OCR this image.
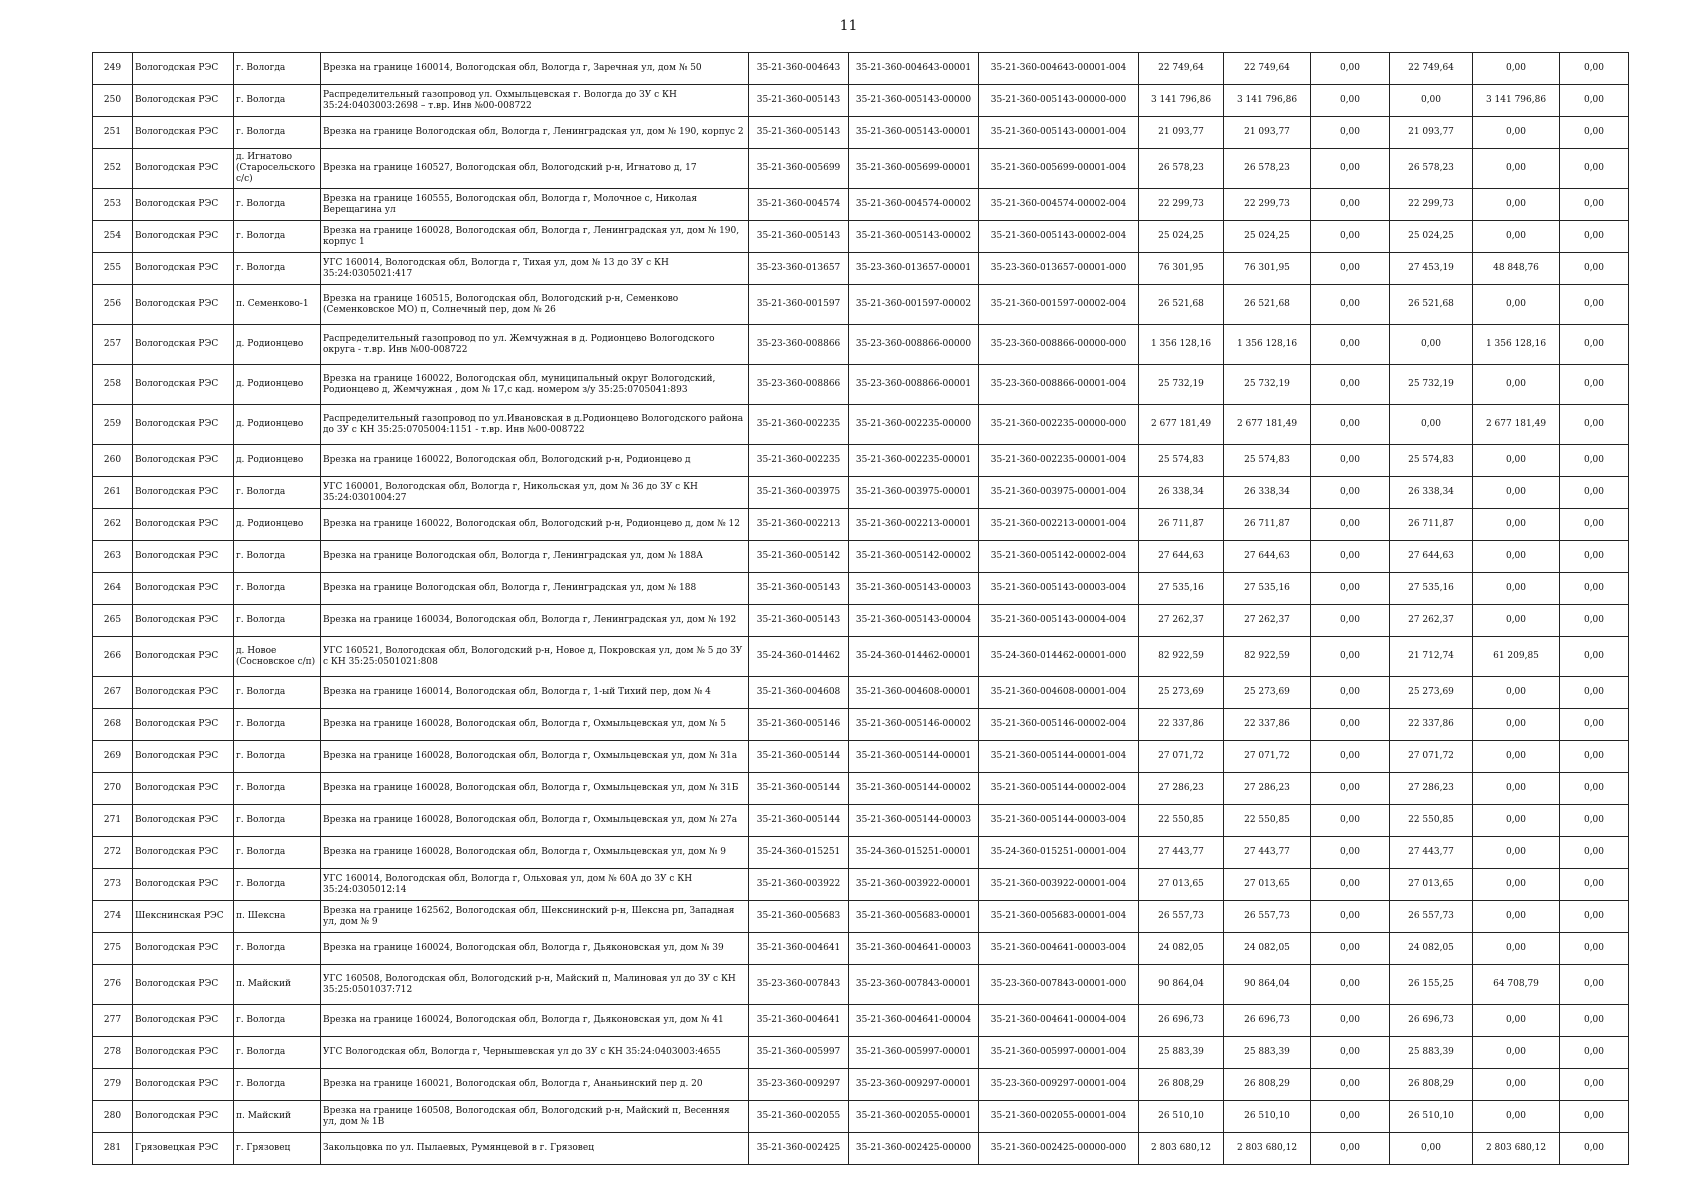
11
249	Вологодская РЭС	г. Вологда	Врезка на границе 160014, Вологодская обл, Вологда г, Заречная ул, дом № 50	35-21-360-004643	35-21-360-004643-00001	35-21-360-004643-00001-004	22 749,64	22 749,64	0,00	22 749,64	0,00	0,00
250	Вологодская РЭС	г. Вологда	Распределительный газопровод ул. Охмыльцевская г. Вологда до ЗУ с КН 35:24:0403003:2698 – т.вр. Инв №00-008722	35-21-360-005143	35-21-360-005143-00000	35-21-360-005143-00000-000	3 141 796,86	3 141 796,86	0,00	0,00	3 141 796,86	0,00
251	Вологодская РЭС	г. Вологда	Врезка на границе Вологодская обл, Вологда г, Ленинградская ул, дом № 190, корпус 2	35-21-360-005143	35-21-360-005143-00001	35-21-360-005143-00001-004	21 093,77	21 093,77	0,00	21 093,77	0,00	0,00
252	Вологодская РЭС	д. Игнатово (Старосельского с/с)	Врезка на границе 160527, Вологодская обл, Вологодский р-н, Игнатово д, 17	35-21-360-005699	35-21-360-005699-00001	35-21-360-005699-00001-004	26 578,23	26 578,23	0,00	26 578,23	0,00	0,00
253	Вологодская РЭС	г. Вологда	Врезка на границе 160555, Вологодская обл, Вологда г, Молочное с, Николая Верещагина ул	35-21-360-004574	35-21-360-004574-00002	35-21-360-004574-00002-004	22 299,73	22 299,73	0,00	22 299,73	0,00	0,00
254	Вологодская РЭС	г. Вологда	Врезка на границе 160028, Вологодская обл, Вологда г, Ленинградская ул, дом № 190, корпус 1	35-21-360-005143	35-21-360-005143-00002	35-21-360-005143-00002-004	25 024,25	25 024,25	0,00	25 024,25	0,00	0,00
255	Вологодская РЭС	г. Вологда	УГС 160014, Вологодская обл, Вологда г, Тихая ул, дом № 13 до ЗУ с КН 35:24:0305021:417	35-23-360-013657	35-23-360-013657-00001	35-23-360-013657-00001-000	76 301,95	76 301,95	0,00	27 453,19	48 848,76	0,00
256	Вологодская РЭС	п. Семенково-1	Врезка на границе 160515, Вологодская обл, Вологодский р-н, Семенково (Семенковское МО) п, Солнечный пер, дом № 26	35-21-360-001597	35-21-360-001597-00002	35-21-360-001597-00002-004	26 521,68	26 521,68	0,00	26 521,68	0,00	0,00
257	Вологодская РЭС	д. Родионцево	Распределительный газопровод по ул. Жемчужная в д. Родионцево Вологодского округа - т.вр. Инв №00-008722	35-23-360-008866	35-23-360-008866-00000	35-23-360-008866-00000-000	1 356 128,16	1 356 128,16	0,00	0,00	1 356 128,16	0,00
258	Вологодская РЭС	д. Родионцево	Врезка на границе 160022, Вологодская обл, муниципальный округ Вологодский, Родионцево д, Жемчужная , дом № 17,с кад. номером з/у 35:25:0705041:893	35-23-360-008866	35-23-360-008866-00001	35-23-360-008866-00001-004	25 732,19	25 732,19	0,00	25 732,19	0,00	0,00
259	Вологодская РЭС	д. Родионцево	Распределительный газопровод по ул.Ивановская в д.Родионцево Вологодского района до ЗУ с КН 35:25:0705004:1151 - т.вр. Инв №00-008722	35-21-360-002235	35-21-360-002235-00000	35-21-360-002235-00000-000	2 677 181,49	2 677 181,49	0,00	0,00	2 677 181,49	0,00
260	Вологодская РЭС	д. Родионцево	Врезка на границе 160022, Вологодская обл, Вологодский р-н, Родионцево д	35-21-360-002235	35-21-360-002235-00001	35-21-360-002235-00001-004	25 574,83	25 574,83	0,00	25 574,83	0,00	0,00
261	Вологодская РЭС	г. Вологда	УГС 160001, Вологодская обл, Вологда г, Никольская ул, дом № 36 до ЗУ с КН 35:24:0301004:27	35-21-360-003975	35-21-360-003975-00001	35-21-360-003975-00001-004	26 338,34	26 338,34	0,00	26 338,34	0,00	0,00
262	Вологодская РЭС	д. Родионцево	Врезка на границе 160022, Вологодская обл, Вологодский р-н, Родионцево д, дом № 12	35-21-360-002213	35-21-360-002213-00001	35-21-360-002213-00001-004	26 711,87	26 711,87	0,00	26 711,87	0,00	0,00
263	Вологодская РЭС	г. Вологда	Врезка на границе Вологодская обл, Вологда г, Ленинградская ул, дом № 188А	35-21-360-005142	35-21-360-005142-00002	35-21-360-005142-00002-004	27 644,63	27 644,63	0,00	27 644,63	0,00	0,00
264	Вологодская РЭС	г. Вологда	Врезка на границе Вологодская обл, Вологда г, Ленинградская ул, дом № 188	35-21-360-005143	35-21-360-005143-00003	35-21-360-005143-00003-004	27 535,16	27 535,16	0,00	27 535,16	0,00	0,00
265	Вологодская РЭС	г. Вологда	Врезка на границе 160034, Вологодская обл, Вологда г, Ленинградская ул, дом № 192	35-21-360-005143	35-21-360-005143-00004	35-21-360-005143-00004-004	27 262,37	27 262,37	0,00	27 262,37	0,00	0,00
266	Вологодская РЭС	д. Новое (Сосновское с/п)	УГС 160521, Вологодская обл, Вологодский р-н, Новое д, Покровская ул, дом № 5 до ЗУ с КН 35:25:0501021:808	35-24-360-014462	35-24-360-014462-00001	35-24-360-014462-00001-000	82 922,59	82 922,59	0,00	21 712,74	61 209,85	0,00
267	Вологодская РЭС	г. Вологда	Врезка на границе 160014, Вологодская обл, Вологда г, 1-ый Тихий пер, дом № 4	35-21-360-004608	35-21-360-004608-00001	35-21-360-004608-00001-004	25 273,69	25 273,69	0,00	25 273,69	0,00	0,00
268	Вологодская РЭС	г. Вологда	Врезка на границе 160028, Вологодская обл, Вологда г, Охмыльцевская ул, дом № 5	35-21-360-005146	35-21-360-005146-00002	35-21-360-005146-00002-004	22 337,86	22 337,86	0,00	22 337,86	0,00	0,00
269	Вологодская РЭС	г. Вологда	Врезка на границе 160028, Вологодская обл, Вологда г, Охмыльцевская ул, дом № 31а	35-21-360-005144	35-21-360-005144-00001	35-21-360-005144-00001-004	27 071,72	27 071,72	0,00	27 071,72	0,00	0,00
270	Вологодская РЭС	г. Вологда	Врезка на границе 160028, Вологодская обл, Вологда г, Охмыльцевская ул, дом № 31Б	35-21-360-005144	35-21-360-005144-00002	35-21-360-005144-00002-004	27 286,23	27 286,23	0,00	27 286,23	0,00	0,00
271	Вологодская РЭС	г. Вологда	Врезка на границе 160028, Вологодская обл, Вологда г, Охмыльцевская ул, дом № 27а	35-21-360-005144	35-21-360-005144-00003	35-21-360-005144-00003-004	22 550,85	22 550,85	0,00	22 550,85	0,00	0,00
272	Вологодская РЭС	г. Вологда	Врезка на границе 160028, Вологодская обл, Вологда г, Охмыльцевская ул, дом № 9	35-24-360-015251	35-24-360-015251-00001	35-24-360-015251-00001-004	27 443,77	27 443,77	0,00	27 443,77	0,00	0,00
273	Вологодская РЭС	г. Вологда	УГС 160014, Вологодская обл, Вологда г, Ольховая ул, дом № 60А до ЗУ с КН 35:24:0305012:14	35-21-360-003922	35-21-360-003922-00001	35-21-360-003922-00001-004	27 013,65	27 013,65	0,00	27 013,65	0,00	0,00
274	Шекснинская РЭС	п. Шексна	Врезка на границе 162562, Вологодская обл, Шекснинский р-н, Шексна рп, Западная ул, дом № 9	35-21-360-005683	35-21-360-005683-00001	35-21-360-005683-00001-004	26 557,73	26 557,73	0,00	26 557,73	0,00	0,00
275	Вологодская РЭС	г. Вологда	Врезка на границе 160024, Вологодская обл, Вологда г, Дьяконовская ул, дом № 39	35-21-360-004641	35-21-360-004641-00003	35-21-360-004641-00003-004	24 082,05	24 082,05	0,00	24 082,05	0,00	0,00
276	Вологодская РЭС	п. Майский	УГС 160508, Вологодская обл, Вологодский р-н, Майский п, Малиновая ул до ЗУ с КН 35:25:0501037:712	35-23-360-007843	35-23-360-007843-00001	35-23-360-007843-00001-000	90 864,04	90 864,04	0,00	26 155,25	64 708,79	0,00
277	Вологодская РЭС	г. Вологда	Врезка на границе 160024, Вологодская обл, Вологда г, Дьяконовская ул, дом № 41	35-21-360-004641	35-21-360-004641-00004	35-21-360-004641-00004-004	26 696,73	26 696,73	0,00	26 696,73	0,00	0,00
278	Вологодская РЭС	г. Вологда	УГС Вологодская обл, Вологда г, Чернышевская ул до ЗУ с КН 35:24:0403003:4655	35-21-360-005997	35-21-360-005997-00001	35-21-360-005997-00001-004	25 883,39	25 883,39	0,00	25 883,39	0,00	0,00
279	Вологодская РЭС	г. Вологда	Врезка на границе 160021, Вологодская обл, Вологда г, Ананьинский пер д. 20	35-23-360-009297	35-23-360-009297-00001	35-23-360-009297-00001-004	26 808,29	26 808,29	0,00	26 808,29	0,00	0,00
280	Вологодская РЭС	п. Майский	Врезка на границе 160508, Вологодская обл, Вологодский р-н, Майский п, Весенняя ул, дом № 1В	35-21-360-002055	35-21-360-002055-00001	35-21-360-002055-00001-004	26 510,10	26 510,10	0,00	26 510,10	0,00	0,00
281	Грязовецкая РЭС	г. Грязовец	Закольцовка по ул. Пылаевых, Румянцевой в г. Грязовец	35-21-360-002425	35-21-360-002425-00000	35-21-360-002425-00000-000	2 803 680,12	2 803 680,12	0,00	0,00	2 803 680,12	0,00
